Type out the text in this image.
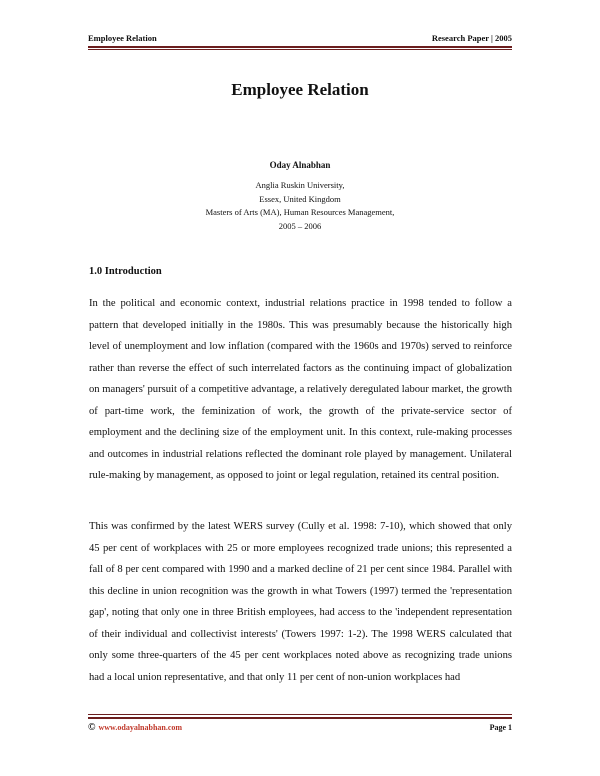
Employee Relation	Research Paper | 2005
Employee Relation
Oday Alnabhan
Anglia Ruskin University,
Essex, United Kingdom
Masters of Arts (MA), Human Resources Management,
2005 – 2006
1.0 Introduction

In the political and economic context, industrial relations practice in 1998 tended to follow a pattern that developed initially in the 1980s. This was presumably because the historically high level of unemployment and low inflation (compared with the 1960s and 1970s) served to reinforce rather than reverse the effect of such interrelated factors as the continuing impact of globalization on managers' pursuit of a competitive advantage, a relatively deregulated labour market, the growth of part-time work, the feminization of work, the growth of the private-service sector of employment and the declining size of the employment unit. In this context, rule-making processes and outcomes in industrial relations reflected the dominant role played by management. Unilateral rule-making by management, as opposed to joint or legal regulation, retained its central position.

This was confirmed by the latest WERS survey (Cully et al. 1998: 7-10), which showed that only 45 per cent of workplaces with 25 or more employees recognized trade unions; this represented a fall of 8 per cent compared with 1990 and a marked decline of 21 per cent since 1984. Parallel with this decline in union recognition was the growth in what Towers (1997) termed the 'representation gap', noting that only one in three British employees, had access to the 'independent representation of their individual and collectivist interests' (Towers 1997: 1-2). The 1998 WERS calculated that only some three-quarters of the 45 per cent workplaces noted above as recognizing trade unions had a local union representative, and that only 11 per cent of non-union workplaces had

© www.odayalnabhan.com	Page 1
